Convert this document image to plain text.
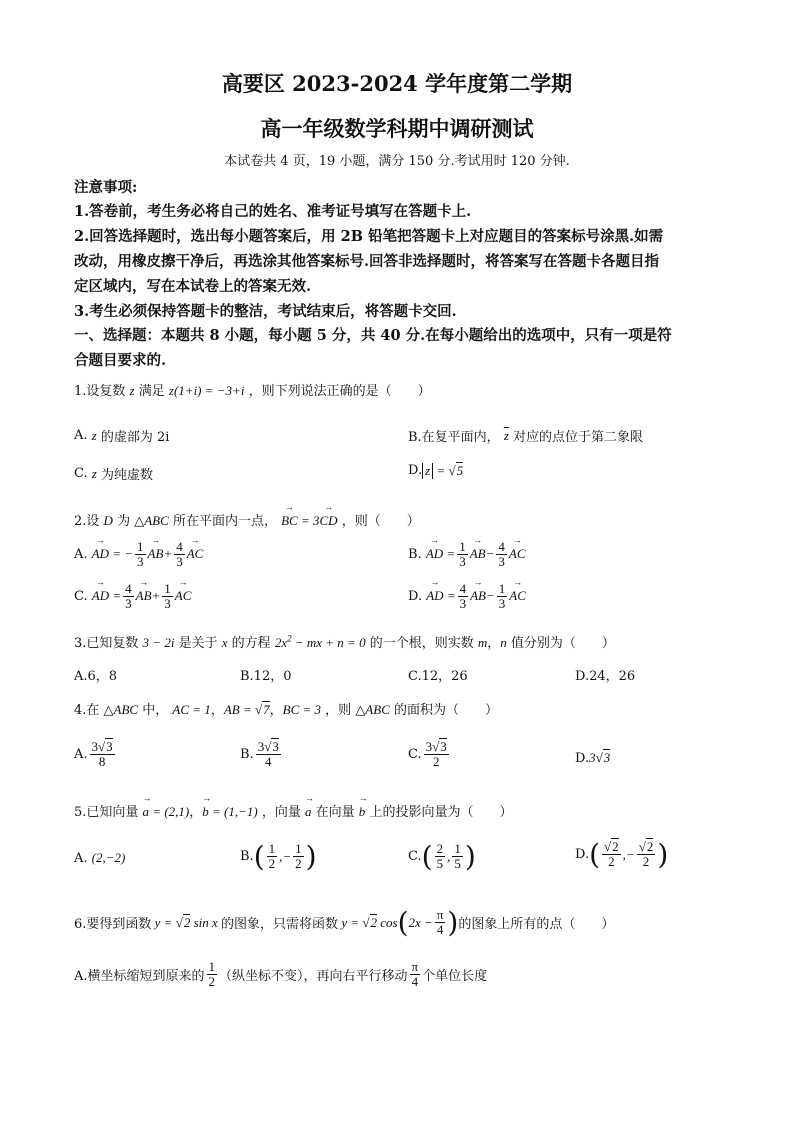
高要区 2023-2024 学年度第二学期
高一年级数学科期中调研测试
本试卷共 4 页，19 小题，满分 150 分.考试用时 120 分钟.
注意事项:
1.答卷前，考生务必将自己的姓名、准考证号填写在答题卡上.
2.回答选择题时，选出每小题答案后，用 2B 铅笔把答题卡上对应题目的答案标号涂黑.如需
改动，用橡皮擦干净后，再选涂其他答案标号.回答非选择题时，将答案写在答题卡各题目指
定区域内，写在本试卷上的答案无效.
3.考生必须保持答题卡的整洁，考试结束后，将答题卡交回.
一、选择题：本题共 8 小题，每小题 5 分，共 40 分.在每小题给出的选项中，只有一项是符
合题目要求的.
1.设复数 z 满足 z(1+i) = −3+i ，则下列说法正确的是（　　）
A.
z
的虚部为 2i	B.在复平面内，
$\overline{z}$
对应的点位于第二象限
C.
z
为纯虚数	D. z = √ 5
2.设 D 为 △ABC 所在平面内一点， → BC = 3→ CD ，则（　　）
A. → AD = − $\frac{1}{3}$ → AB + $\frac{4}{3}$ → AC	B. → AD = $\frac{1}{3}$ → AB − $\frac{4}{3}$ → AC
C. → AD = $\frac{4}{3}$ → AB + $\frac{1}{3}$ → AC	D. → AD = $\frac{4}{3}$ → AB − $\frac{1}{3}$ → AC
3.已知复数 3 − 2i 是关于 x 的方程 $2x^2$ − mx + n = 0 的一个根，则实数 m，n 值分别为（　　）
A.6，8	B.12，0	C.12，26	D.24，26
4.在 △ABC 中， AC = 1，AB = √7，BC = 3 ，则 △ABC 的面积为（　　）
A. $\frac{3√3}{8}$	B. $\frac{3√3}{4}$	C. $\frac{3√3}{2}$	D. 3√3
5.已知向量 → a = (2,1)，→ b = (1,−1) ，向量 → a 在向量 → b 上的投影向量为（　　）
A. (2,−2)	B. ( $\frac{1}{2}$ ,− $\frac{1}{2}$ )	C. ( $\frac{2}{5}$ , $\frac{1}{5}$ )	D. ( $\frac{√2}{2}$ ,− $\frac{√2}{2}$ )
6.要得到函数 y = √2 sin x 的图象，只需将函数 y = √2 cos ( $2x - \frac{\pi}{4}$ ) 的图象上所有的点（　　）
A.横坐标缩短到原来的 $\frac{1}{2}$ （纵坐标不变），再向右平行移动 $\frac{\pi}{4}$ 个单位长度
